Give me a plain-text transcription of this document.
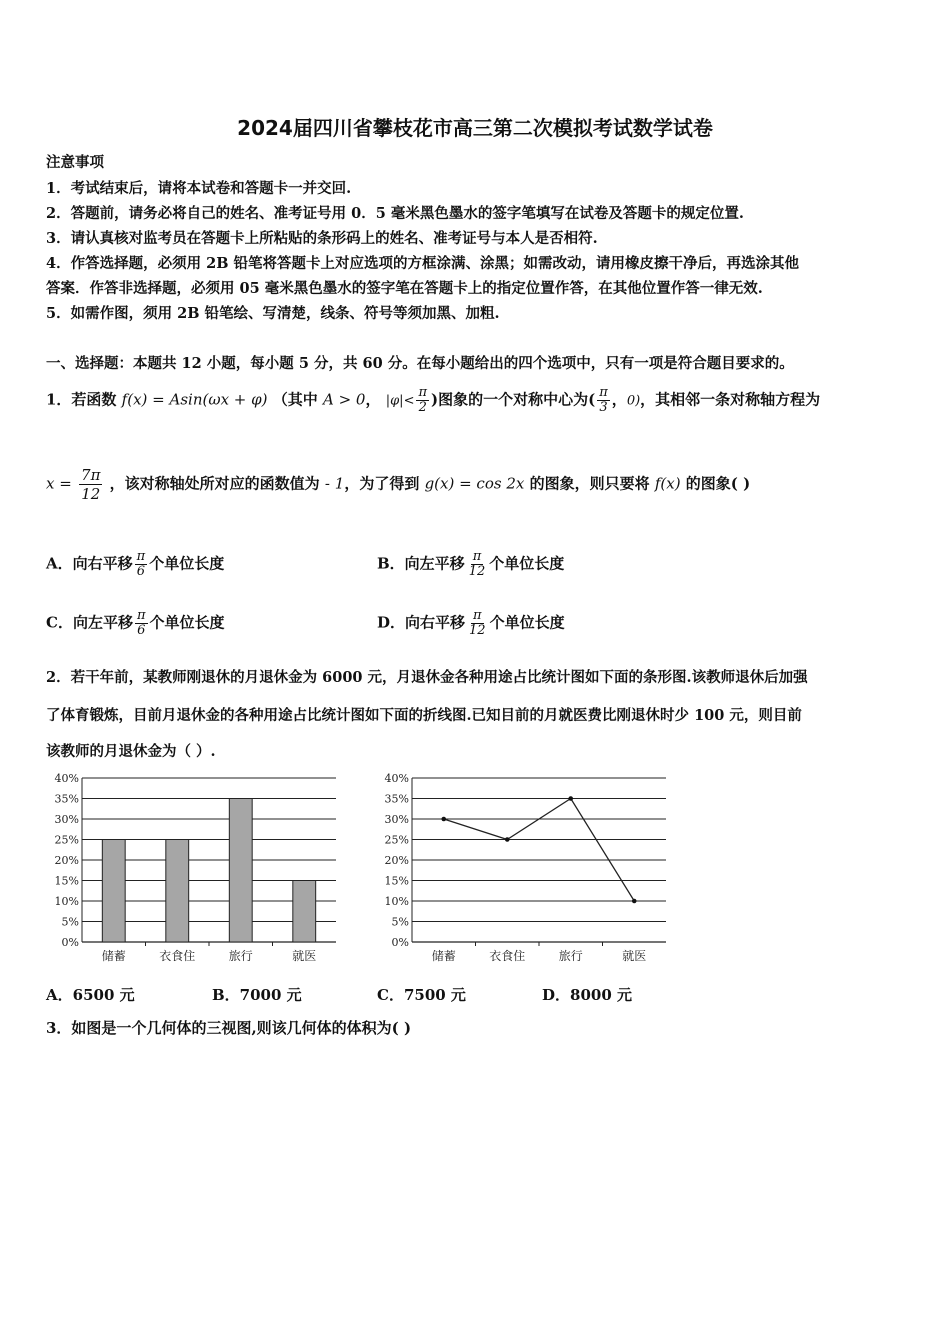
2024届四川省攀枝花市高三第二次模拟考试数学试卷
注意事项
1．考试结束后，请将本试卷和答题卡一并交回.
2．答题前，请务必将自己的姓名、准考证号用 0．5 毫米黑色墨水的签字笔填写在试卷及答题卡的规定位置.
3．请认真核对监考员在答题卡上所粘贴的条形码上的姓名、准考证号与本人是否相符.
4．作答选择题，必须用 2B 铅笔将答题卡上对应选项的方框涂满、涂黑；如需改动，请用橡皮擦干净后，再选涂其他
答案．作答非选择题，必须用 05 毫米黑色墨水的签字笔在答题卡上的指定位置作答，在其他位置作答一律无效.
5．如需作图，须用 2B 铅笔绘、写清楚，线条、符号等须加黑、加粗.
一、选择题：本题共 12 小题，每小题 5 分，共 60 分。在每小题给出的四个选项中，只有一项是符合题目要求的。
1．若函数 f(x) = Asin(ωx + φ) （其中 A > 0， $|\varphi|< \frac{\pi}{2}$ )图象的一个对称中心为( $\frac{\pi}{3}$ ，0)，其相邻一条对称轴方程为
$x = \frac{7\pi}{12}$ ，该对称轴处所对应的函数值为 - 1，为了得到 g(x) = cos 2x 的图象，则只要将 f(x) 的图象( )
A．向右平移 $\frac{\pi}{6}$ 个单位长度	B．向左平移 $\frac{\pi}{12}$ 个单位长度
C．向左平移 $\frac{\pi}{6}$ 个单位长度	D．向右平移 $\frac{\pi}{12}$ 个单位长度
2．若干年前，某教师刚退休的月退休金为 6000 元，月退休金各种用途占比统计图如下面的条形图.该教师退休后加强
了体育锻炼，目前月退休金的各种用途占比统计图如下面的折线图.已知目前的月就医费比刚退休时少 100 元，则目前
该教师的月退休金为（ ）.
0%
5%
10%
15%
20%
25%
30%
35%
40%
储蓄	衣食住	旅行	就医
0%
5%
10%
15%
20%
25%
30%
35%
40%
储蓄	衣食住	旅行	就医
A．6500 元	B．7000 元	C．7500 元	D．8000 元
3．如图是一个几何体的三视图,则该几何体的体积为( )
